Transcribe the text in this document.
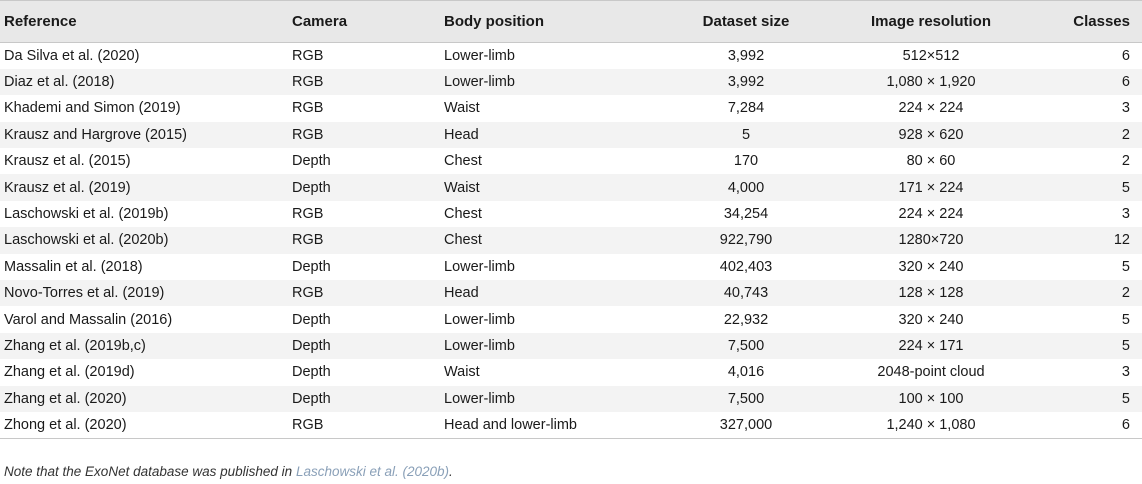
Reference	Camera	Body position	Dataset size	Image resolution	Classes
Da Silva et al. (2020)	RGB	Lower-limb	3,992	512×512	6
Diaz et al. (2018)	RGB	Lower-limb	3,992	1,080 × 1,920	6
Khademi and Simon (2019)	RGB	Waist	7,284	224 × 224	3
Krausz and Hargrove (2015)	RGB	Head	5	928 × 620	2
Krausz et al. (2015)	Depth	Chest	170	80 × 60	2
Krausz et al. (2019)	Depth	Waist	4,000	171 × 224	5
Laschowski et al. (2019b)	RGB	Chest	34,254	224 × 224	3
Laschowski et al. (2020b)	RGB	Chest	922,790	1280×720	12
Massalin et al. (2018)	Depth	Lower-limb	402,403	320 × 240	5
Novo-Torres et al. (2019)	RGB	Head	40,743	128 × 128	2
Varol and Massalin (2016)	Depth	Lower-limb	22,932	320 × 240	5
Zhang et al. (2019b,c)	Depth	Lower-limb	7,500	224 × 171	5
Zhang et al. (2019d)	Depth	Waist	4,016	2048-point cloud	3
Zhang et al. (2020)	Depth	Lower-limb	7,500	100 × 100	5
Zhong et al. (2020)	RGB	Head and lower-limb	327,000	1,240 × 1,080	6
Note that the ExoNet database was published in Laschowski et al. (2020b).
